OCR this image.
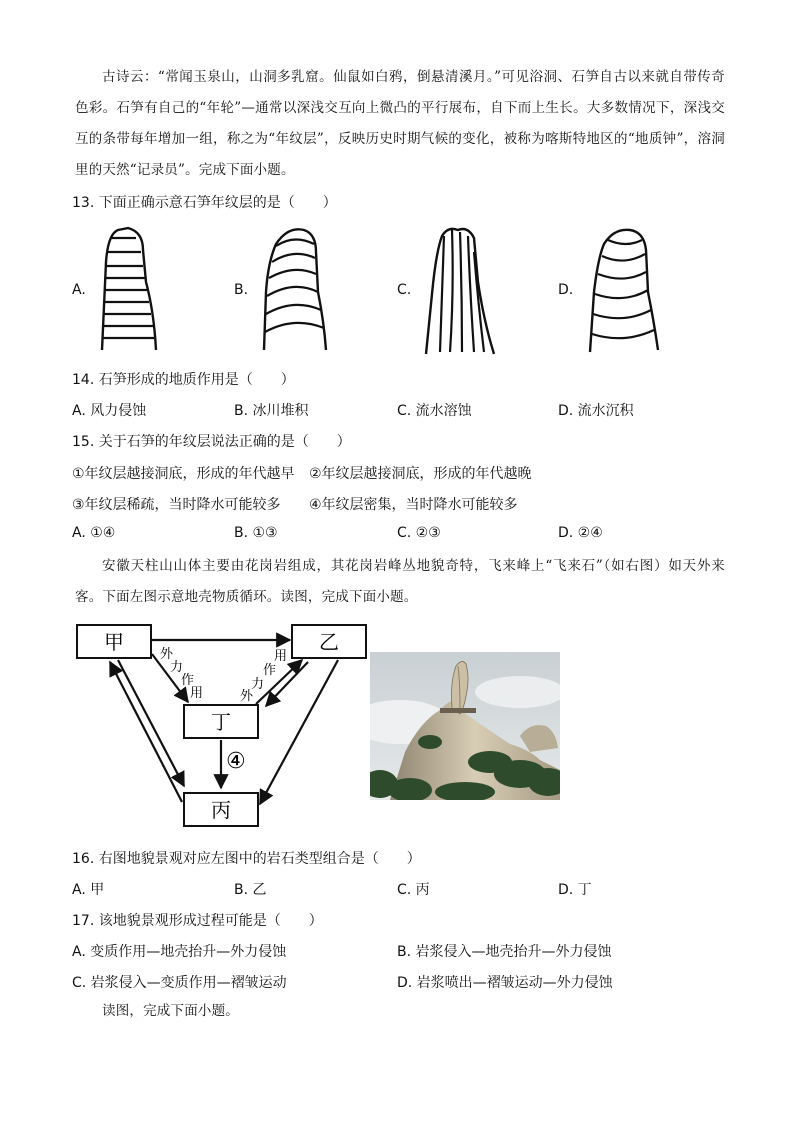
古诗云：“常闻玉泉山，山洞多乳窟。仙鼠如白鸦，倒悬清溪月。”可见浴洞、石笋自古以来就自带传奇色彩。石笋有自己的“年轮”—通常以深浅交互向上微凸的平行展布，自下而上生长。大多数情况下，深浅交互的条带每年增加一组，称之为“年纹层”，反映历史时期气候的变化，被称为喀斯特地区的“地质钟”，溶洞里的天然“记录员”。完成下面小题。

13. 下面正确示意石笋年纹层的是（　　）
A.	B.	C.	D.
14. 石笋形成的地质作用是（　　）
A. 风力侵蚀	B. 冰川堆积	C. 流水溶蚀	D. 流水沉积
15. 关于石笋的年纹层说法正确的是（　　）
①年纹层越接洞底，形成的年代越早 ②年纹层越接洞底，形成的年代越晚
③年纹层稀疏，当时降水可能较多 ④年纹层密集，当时降水可能较多
A. ①④	B. ①③	C. ②③	D. ②④

安徽天柱山山体主要由花岗岩组成，其花岗岩峰丛地貌奇特，飞来峰上“飞来石”（如右图）如天外来客。下面左图示意地壳物质循环。读图，完成下面小题。

甲	乙
丁
丙
外
力
作
用
用
作
力
外
④
16. 右图地貌景观对应左图中的岩石类型组合是（　　）
A. 甲	B. 乙	C. 丙	D. 丁
17. 该地貌景观形成过程可能是（　　）
A. 变质作用—地壳抬升—外力侵蚀	B. 岩浆侵入—地壳抬升—外力侵蚀
C. 岩浆侵入—变质作用—褶皱运动	D. 岩浆喷出—褶皱运动—外力侵蚀
读图，完成下面小题。
